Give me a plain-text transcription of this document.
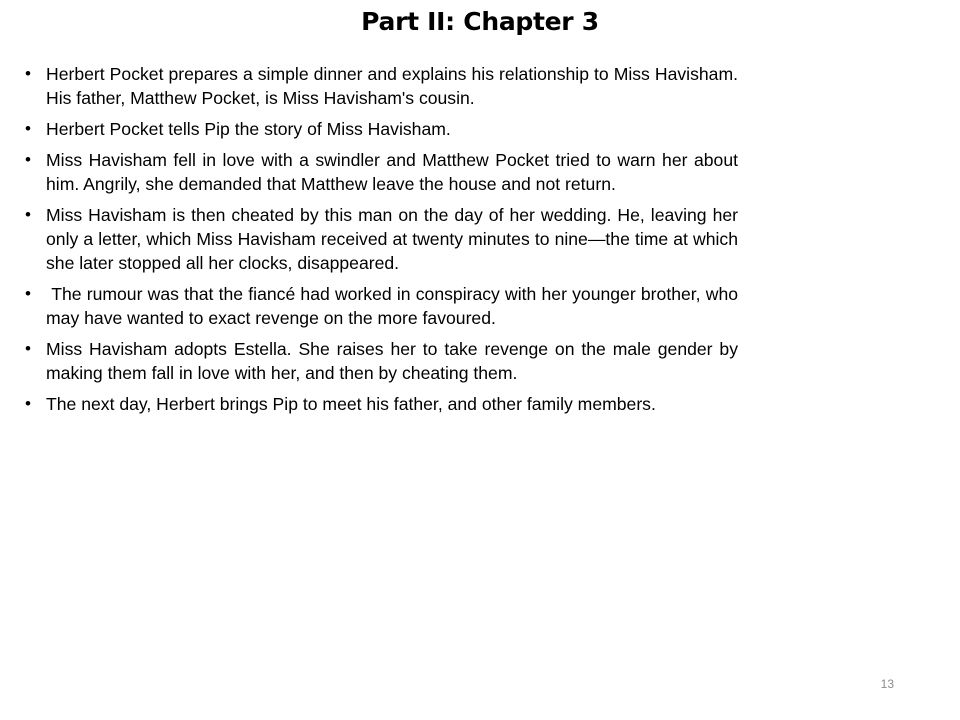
Part II: Chapter 3
• Herbert Pocket prepares a simple dinner and explains his relationship to Miss Havisham. His father, Matthew Pocket, is Miss Havisham's cousin.
• Herbert Pocket tells Pip the story of Miss Havisham.
• Miss Havisham fell in love with a swindler and Matthew Pocket tried to warn her about him. Angrily, she demanded that Matthew leave the house and not return.
• Miss Havisham is then cheated by this man on the day of her wedding. He, leaving her only a letter, which Miss Havisham received at twenty minutes to nine—the time at which she later stopped all her clocks, disappeared.
• The rumour was that the fiancé had worked in conspiracy with her younger brother, who may have wanted to exact revenge on the more favoured.
• Miss Havisham adopts Estella. She raises her to take revenge on the male gender by making them fall in love with her, and then by cheating them.
• The next day, Herbert brings Pip to meet his father, and other family members.
13
